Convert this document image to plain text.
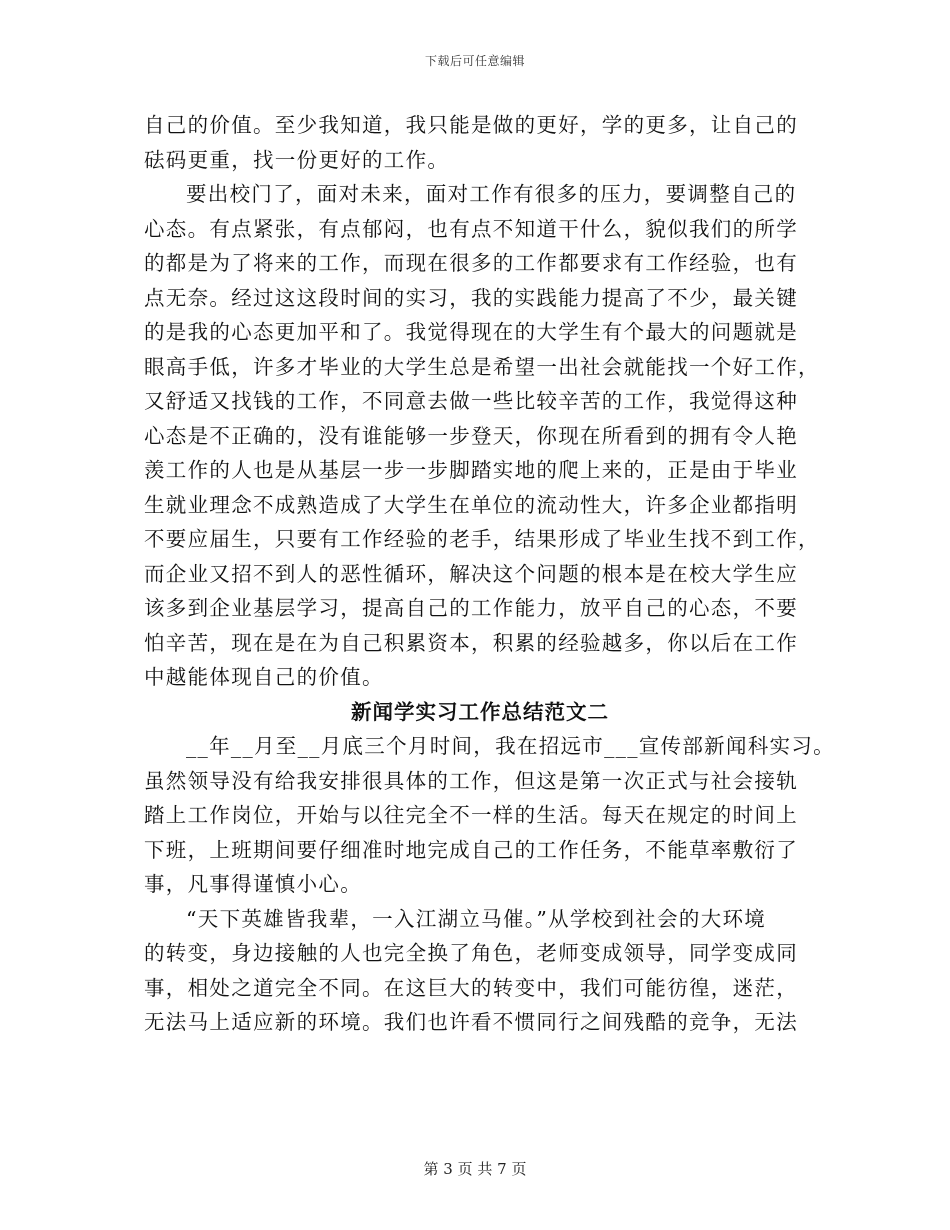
下载后可任意编辑
自己的价值。至少我知道，我只能是做的更好，学的更多，让自己的
砝码更重，找一份更好的工作。
要出校门了，面对未来，面对工作有很多的压力，要调整自己的
心态。有点紧张，有点郁闷，也有点不知道干什么，貌似我们的所学
的都是为了将来的工作，而现在很多的工作都要求有工作经验，也有
点无奈。经过这这段时间的实习，我的实践能力提高了不少，最关键
的是我的心态更加平和了。我觉得现在的大学生有个最大的问题就是
眼高手低，许多才毕业的大学生总是希望一出社会就能找一个好工作，
又舒适又找钱的工作，不同意去做一些比较辛苦的工作，我觉得这种
心态是不正确的，没有谁能够一步登天，你现在所看到的拥有令人艳
羡工作的人也是从基层一步一步脚踏实地的爬上来的，正是由于毕业
生就业理念不成熟造成了大学生在单位的流动性大，许多企业都指明
不要应届生，只要有工作经验的老手，结果形成了毕业生找不到工作，
而企业又招不到人的恶性循环，解决这个问题的根本是在校大学生应
该多到企业基层学习，提高自己的工作能力，放平自己的心态，不要
怕辛苦，现在是在为自己积累资本，积累的经验越多，你以后在工作
中越能体现自己的价值。
新闻学实习工作总结范文二
__年__月至__月底三个月时间，我在招远市___宣传部新闻科实习。
虽然领导没有给我安排很具体的工作，但这是第一次正式与社会接轨
踏上工作岗位，开始与以往完全不一样的生活。每天在规定的时间上
下班，上班期间要仔细准时地完成自己的工作任务，不能草率敷衍了
事，凡事得谨慎小心。
“天下英雄皆我辈，一入江湖立马催。”从学校到社会的大环境
的转变，身边接触的人也完全换了角色，老师变成领导，同学变成同
事，相处之道完全不同。在这巨大的转变中，我们可能彷徨，迷茫，
无法马上适应新的环境。我们也许看不惯同行之间残酷的竞争，无法
第 3 页 共 7 页
